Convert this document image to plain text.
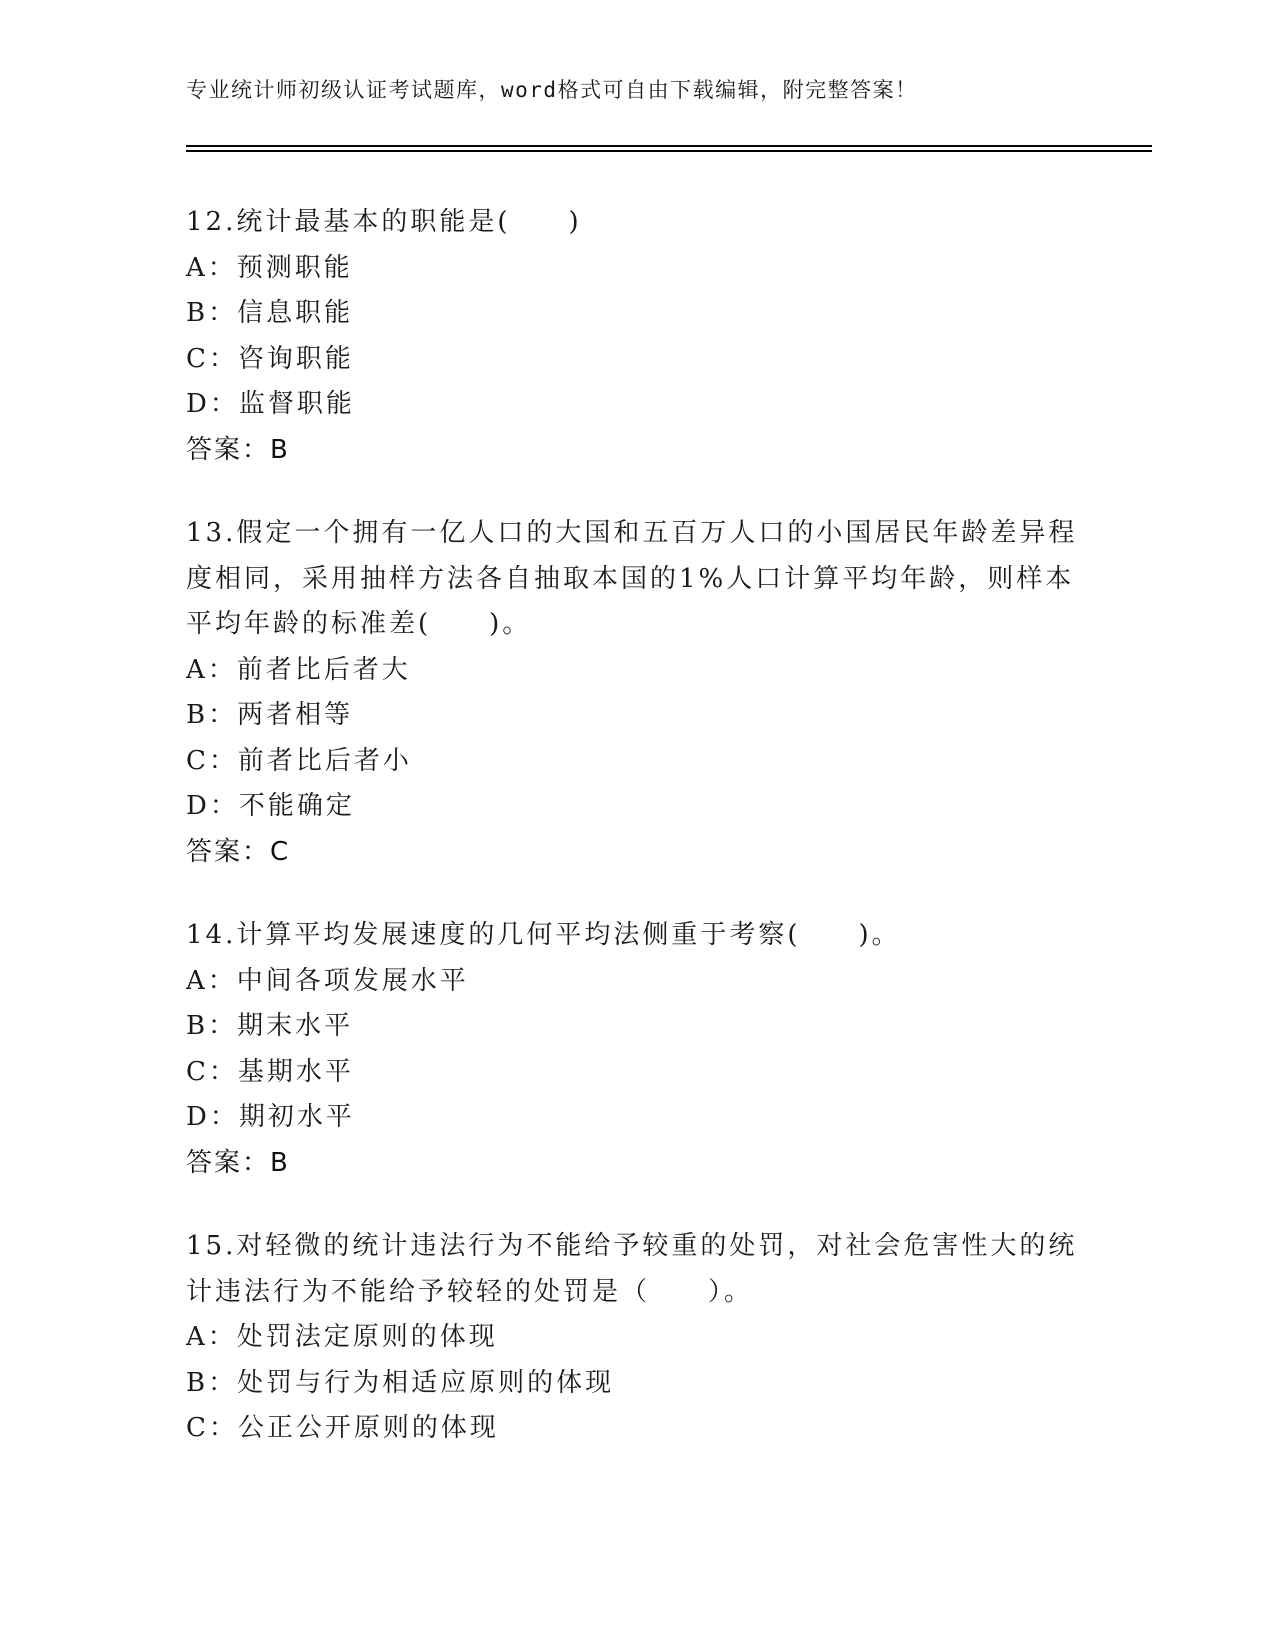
专业统计师初级认证考试题库，word格式可自由下载编辑，附完整答案！
12.统计最基本的职能是(　　)
A：预测职能
B：信息职能
C：咨询职能
D：监督职能
答案：B
13.假定一个拥有一亿人口的大国和五百万人口的小国居民年龄差异程
度相同，采用抽样方法各自抽取本国的1%人口计算平均年龄，则样本
平均年龄的标准差(　　)。
A：前者比后者大
B：两者相等
C：前者比后者小
D：不能确定
答案：C
14.计算平均发展速度的几何平均法侧重于考察(　　)。
A：中间各项发展水平
B：期末水平
C：基期水平
D：期初水平
答案：B
15.对轻微的统计违法行为不能给予较重的处罚，对社会危害性大的统
计违法行为不能给予较轻的处罚是（　　）。
A：处罚法定原则的体现
B：处罚与行为相适应原则的体现
C：公正公开原则的体现
